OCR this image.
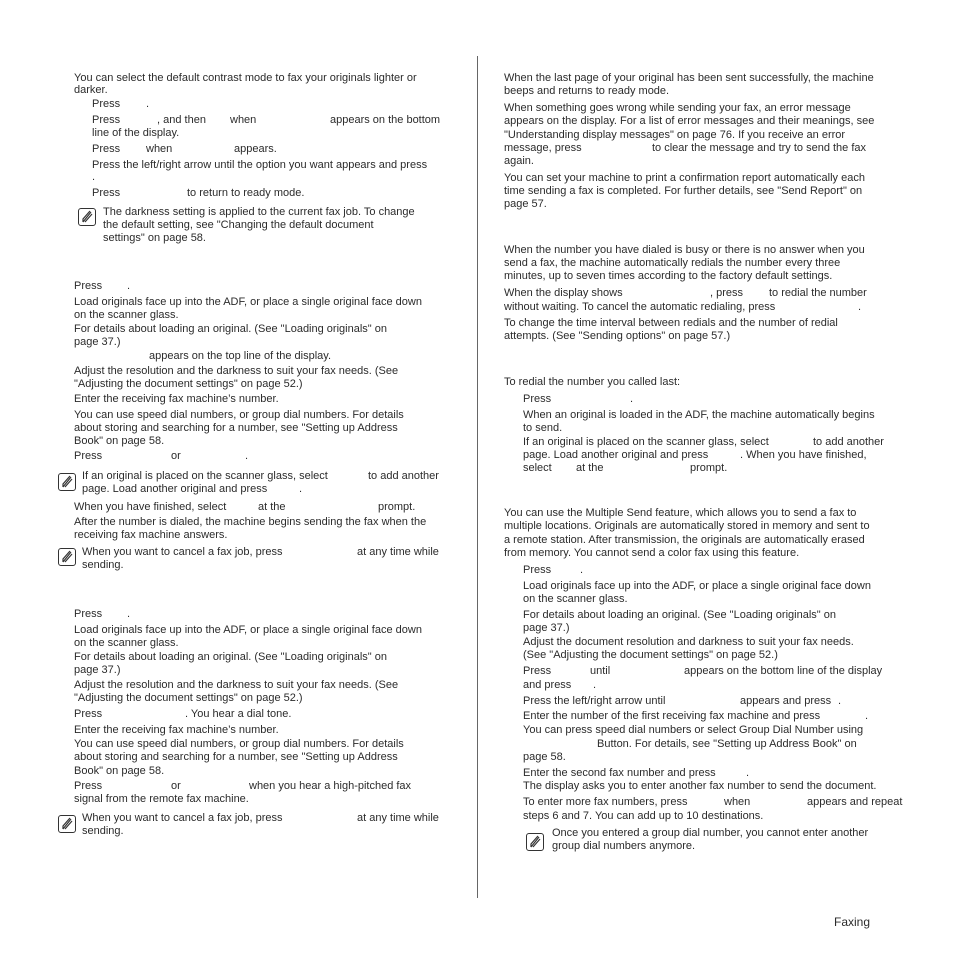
You can select the default contrast mode to fax your originals lighter or
darker.
Press .
Press	, and then when	appears on the bottom
line of the display.
Press when	appears.
Press the left/right arrow until the option you want appears and press
.
Press	to return to ready mode.
The darkness setting is applied to the current fax job. To change
the default setting, see "Changing the default document
settings" on page 58.
Press .
Load originals face up into the ADF, or place a single original face down
on the scanner glass.
For details about loading an original. (See "Loading originals" on
page 37.)
appears on the top line of the display.
Adjust the resolution and the darkness to suit your fax needs. (See
"Adjusting the document settings" on page 52.)
Enter the receiving fax machine’s number.
You can use speed dial numbers, or group dial numbers. For details
about storing and searching for a number, see "Setting up Address
Book" on page 58.
Press	or	.
If an original is placed on the scanner glass, select	to add another
page. Load another original and press	.
When you have finished, select	at the	prompt.
After the number is dialed, the machine begins sending the fax when the
receiving fax machine answers.
When you want to cancel a fax job, press	at any time while
sending.
Press .
Load originals face up into the ADF, or place a single original face down
on the scanner glass.
For details about loading an original. (See "Loading originals" on
page 37.)
Adjust the resolution and the darkness to suit your fax needs. (See
"Adjusting the document settings" on page 52.)
Press	. You hear a dial tone.
Enter the receiving fax machine’s number.
You can use speed dial numbers, or group dial numbers. For details
about storing and searching for a number, see "Setting up Address
Book" on page 58.
Press	or	when you hear a high-pitched fax
signal from the remote fax machine.
When you want to cancel a fax job, press	at any time while
sending.
When the last page of your original has been sent successfully, the machine
beeps and returns to ready mode.
When something goes wrong while sending your fax, an error message
appears on the display. For a list of error messages and their meanings, see
"Understanding display messages" on page 76. If you receive an error
message, press	to clear the message and try to send the fax
again.
You can set your machine to print a confirmation report automatically each
time sending a fax is completed. For further details, see "Send Report" on
page 57.
When the number you have dialed is busy or there is no answer when you
send a fax, the machine automatically redials the number every three
minutes, up to seven times according to the factory default settings.
When the display shows	, press to redial the number
without waiting. To cancel the automatic redialing, press	.
To change the time interval between redials and the number of redial
attempts. (See "Sending options" on page 57.)
To redial the number you called last:
Press	.
When an original is loaded in the ADF, the machine automatically begins
to send.
If an original is placed on the scanner glass, select	to add another
page. Load another original and press	. When you have finished,
select at the	prompt.
You can use the Multiple Send feature, which allows you to send a fax to
multiple locations. Originals are automatically stored in memory and sent to
a remote station. After transmission, the originals are automatically erased
from memory. You cannot send a color fax using this feature.
Press	.
Load originals face up into the ADF, or place a single original face down
on the scanner glass.
For details about loading an original. (See "Loading originals" on
page 37.)
Adjust the document resolution and darkness to suit your fax needs.
(See "Adjusting the document settings" on page 52.)
Press	until	appears on the bottom line of the display
and press .
Press the left/right arrow until	appears and press .
Enter the number of the first receiving fax machine and press	.
You can press speed dial numbers or select Group Dial Number using
Button. For details, see "Setting up Address Book" on
page 58.
Enter the second fax number and press	.
The display asks you to enter another fax number to send the document.
To enter more fax numbers, press	when	appears and repeat
steps 6 and 7. You can add up to 10 destinations.
Once you entered a group dial number, you cannot enter another
group dial numbers anymore.
Faxing
